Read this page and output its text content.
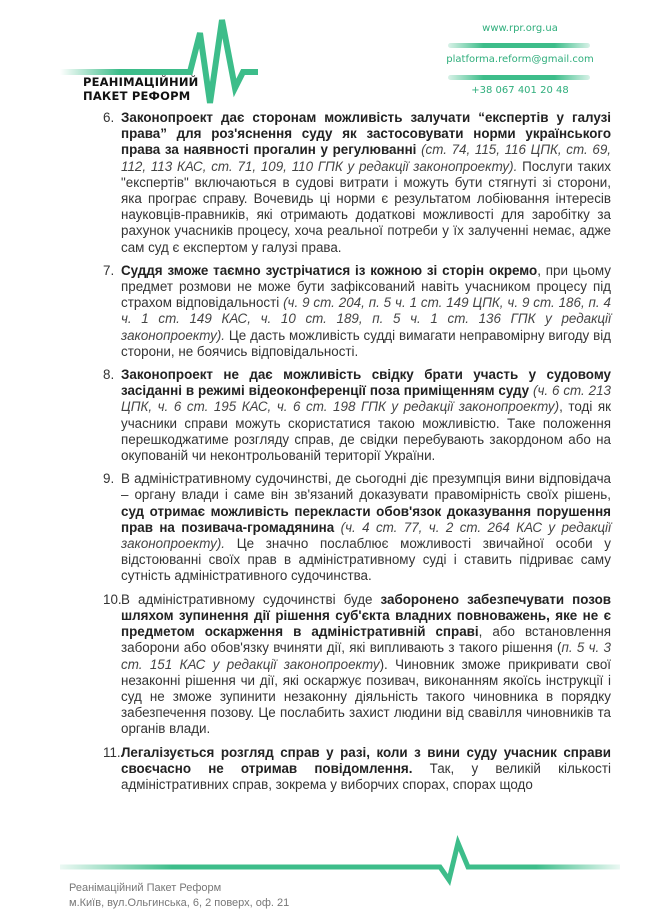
РЕАНІМАЦІЙНИЙ
ПАКЕТ РЕФОРМ
www.rpr.org.ua
platforma.reform@gmail.com
+38 067 401 20 48
6. Законопроект дає сторонам можливість залучати “експертів у галузі права” для роз'яснення суду як застосовувати норми українського права за наявності прогалин у регулюванні (ст. 74, 115, 116 ЦПК, ст. 69, 112, 113 КАС, ст. 71, 109, 110 ГПК у редакції законопроекту). Послуги таких "експертів" включаються в судові витрати і можуть бути стягнуті зі сторони, яка програє справу. Вочевидь ці норми є результатом лобіювання інтересів науковців-правників, які отримають додаткові можливості для заробітку за рахунок учасників процесу, хоча реальної потреби у їх залученні немає, адже сам суд є експертом у галузі права.
7. Суддя зможе таємно зустрічатися із кожною зі сторін окремо, при цьому предмет розмови не може бути зафіксований навіть учасником процесу під страхом відповідальності (ч. 9 ст. 204, п. 5 ч. 1 ст. 149 ЦПК, ч. 9 ст. 186, п. 4 ч. 1 ст. 149 КАС, ч. 10 ст. 189, п. 5 ч. 1 ст. 136 ГПК у редакції законопроекту). Це дасть можливість судді вимагати неправомірну вигоду від сторони, не боячись відповідальності.
8. Законопроект не дає можливість свідку брати участь у судовому засіданні в режимі відеоконференції поза приміщенням суду (ч. 6 ст. 213 ЦПК, ч. 6 ст. 195 КАС, ч. 6 ст. 198 ГПК у редакції законопроекту), тоді як учасники справи можуть скористатися такою можливістю. Таке положення перешкоджатиме розгляду справ, де свідки перебувають закордоном або на окупованій чи неконтрольованій території України.
9. В адміністративному судочинстві, де сьогодні діє презумпція вини відповідача – органу влади і саме він зв'язаний доказувати правомірність своїх рішень, суд отримає можливість перекласти обов'язок доказування порушення прав на позивача-громадянина (ч. 4 ст. 77, ч. 2 ст. 264 КАС у редакції законопроекту). Це значно послаблює можливості звичайної особи у відстоюванні своїх прав в адміністративному суді і ставить підриває саму сутність адміністративного судочинства.
10. В адміністративному судочинстві буде заборонено забезпечувати позов шляхом зупинення дії рішення суб'єкта владних повноважень, яке не є предметом оскарження в адміністративній справі, або встановлення заборони або обов'язку вчиняти дії, які випливають з такого рішення (п. 5 ч. 3 ст. 151 КАС у редакції законопроекту). Чиновник зможе прикривати свої незаконні рішення чи дії, які оскаржує позивач, виконанням якоїсь інструкції і суд не зможе зупинити незаконну діяльність такого чиновника в порядку забезпечення позову. Це послабить захист людини від свавілля чиновників та органів влади.
11. Легалізується розгляд справ у разі, коли з вини суду учасник справи своєчасно не отримав повідомлення. Так, у великій кількості адміністративних справ, зокрема у виборчих спорах, спорах щодо
Реанімаційний Пакет Реформ
м.Київ, вул.Ольгинська, 6, 2 поверх, оф. 21
